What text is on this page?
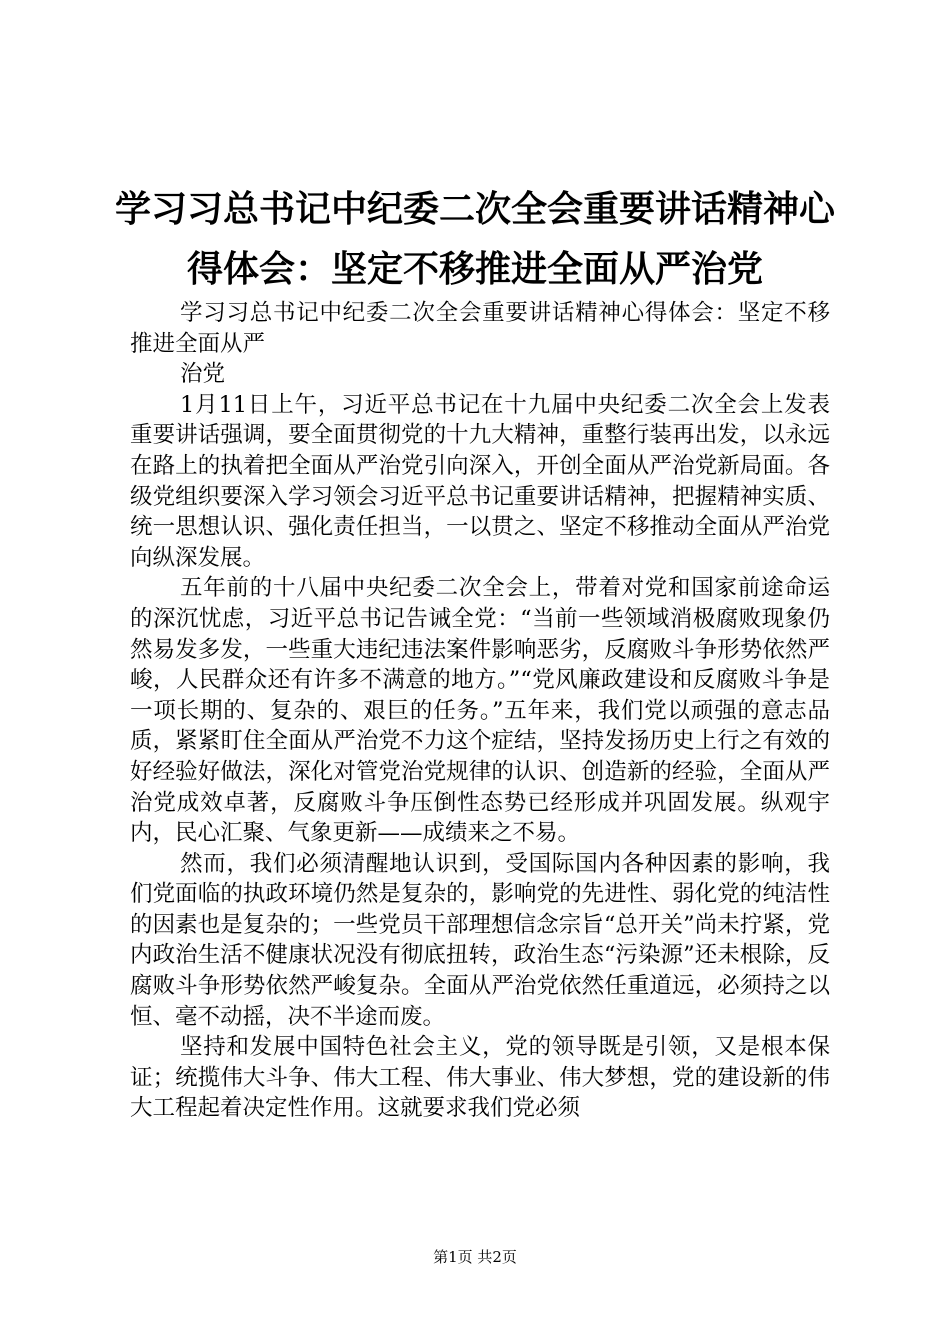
学习习总书记中纪委二次全会重要讲话精神心
得体会：坚定不移推进全面从严治党

学习习总书记中纪委二次全会重要讲话精神心得体会：坚定不移推进全面从严

治党

1月11日上午，习近平总书记在十九届中央纪委二次全会上发表重要讲话强调，要全面贯彻党的十九大精神，重整行装再出发，以永远在路上的执着把全面从严治党引向深入，开创全面从严治党新局面。各级党组织要深入学习领会习近平总书记重要讲话精神，把握精神实质、统一思想认识、强化责任担当，一以贯之、坚定不移推动全面从严治党向纵深发展。

五年前的十八届中央纪委二次全会上，带着对党和国家前途命运的深沉忧虑，习近平总书记告诫全党：“当前一些领域消极腐败现象仍然易发多发，一些重大违纪违法案件影响恶劣，反腐败斗争形势依然严峻，人民群众还有许多不满意的地方。”“党风廉政建设和反腐败斗争是一项长期的、复杂的、艰巨的任务。”五年来，我们党以顽强的意志品质，紧紧盯住全面从严治党不力这个症结，坚持发扬历史上行之有效的好经验好做法，深化对管党治党规律的认识、创造新的经验，全面从严治党成效卓著，反腐败斗争压倒性态势已经形成并巩固发展。纵观宇内，民心汇聚、气象更新——成绩来之不易。

然而，我们必须清醒地认识到，受国际国内各种因素的影响，我们党面临的执政环境仍然是复杂的，影响党的先进性、弱化党的纯洁性的因素也是复杂的；一些党员干部理想信念宗旨“总开关”尚未拧紧，党内政治生活不健康状况没有彻底扭转，政治生态“污染源”还未根除，反腐败斗争形势依然严峻复杂。全面从严治党依然任重道远，必须持之以恒、毫不动摇，决不半途而废。

坚持和发展中国特色社会主义，党的领导既是引领，又是根本保证；统揽伟大斗争、伟大工程、伟大事业、伟大梦想，党的建设新的伟大工程起着决定性作用。这就要求我们党必须

第1页 共2页
